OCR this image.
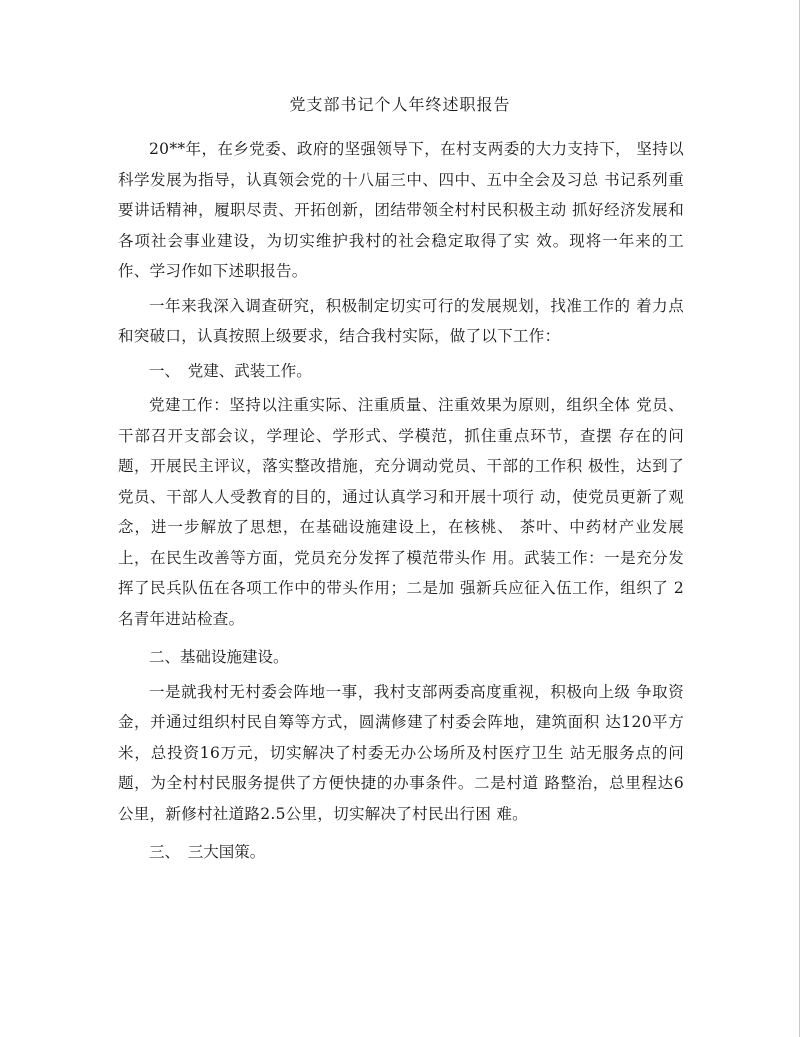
党支部书记个人年终述职报告

20**年，在乡党委、政府的坚强领导下，在村支两委的大力支持下， 坚持以科学发展为指导，认真领会党的十八届三中、四中、五中全会及习总 书记系列重要讲话精神，履职尽责、开拓创新，团结带领全村村民积极主动 抓好经济发展和各项社会事业建设，为切实维护我村的社会稳定取得了实 效。现将一年来的工作、学习作如下述职报告。

一年来我深入调查研究，积极制定切实可行的发展规划，找准工作的 着力点和突破口，认真按照上级要求，结合我村实际，做了以下工作：

一、　党建、武装工作。

党建工作：坚持以注重实际、注重质量、注重效果为原则，组织全体 党员、干部召开支部会议，学理论、学形式、学模范，抓住重点环节，查摆 存在的问题，开展民主评议，落实整改措施，充分调动党员、干部的工作积 极性，达到了党员、干部人人受教育的目的，通过认真学习和开展十项行 动，使党员更新了观念，进一步解放了思想，在基础设施建设上，在核桃、 茶叶、中药材产业发展上，在民生改善等方面，党员充分发挥了模范带头作 用。武装工作：一是充分发挥了民兵队伍在各项工作中的带头作用；二是加 强新兵应征入伍工作，组织了 2名青年进站检查。

二、基础设施建设。

一是就我村无村委会阵地一事，我村支部两委高度重视，积极向上级 争取资金，并通过组织村民自筹等方式，圆满修建了村委会阵地，建筑面积 达120平方米，总投资16万元，切实解决了村委无办公场所及村医疗卫生 站无服务点的问题，为全村村民服务提供了方便快捷的办事条件。二是村道 路整治，总里程达6公里，新修村社道路2.5公里，切实解决了村民出行困 难。

三、　三大国策。
